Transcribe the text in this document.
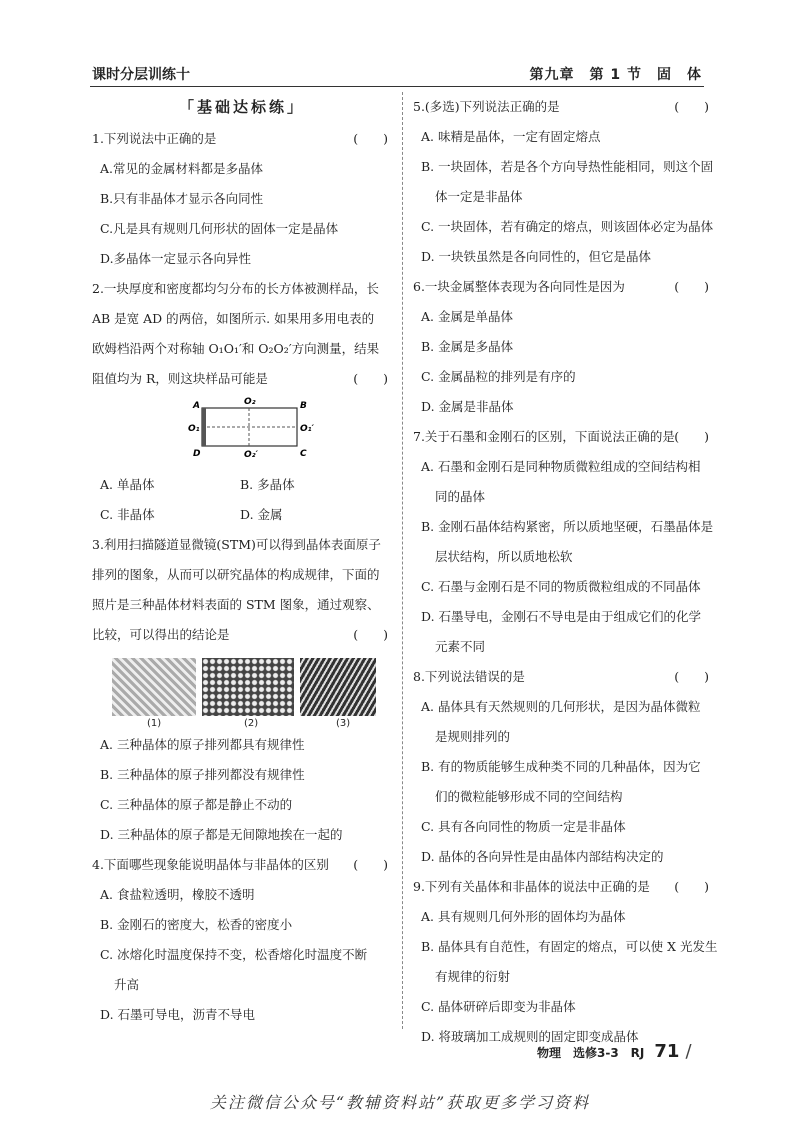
课时分层训练十	第九章　第 1 节　固　体
「基础达标练」
1.下列说法中正确的是	(　　)
A.常见的金属材料都是多晶体
B.只有非晶体才显示各向同性
C.凡是具有规则几何形状的固体一定是晶体
D.多晶体一定显示各向异性
2.一块厚度和密度都均匀分布的长方体被测样品，长
AB 是宽 AD 的两倍，如图所示. 如果用多用电表的
欧姆档沿两个对称轴 O₁O₁′和 O₂O₂′方向测量，结果
阻值均为 R，则这块样品可能是	(　　)
A	B
C
D
O₁	O₁′
O₂
O₂′
A. 单晶体	B. 多晶体
C. 非晶体	D. 金属
3.利用扫描隧道显微镜(STM)可以得到晶体表面原子
排列的图象，从而可以研究晶体的构成规律，下面的
照片是三种晶体材料表面的 STM 图象，通过观察、
比较，可以得出的结论是	(　　)
(1)	(2)	(3)
A. 三种晶体的原子排列都具有规律性
B. 三种晶体的原子排列都没有规律性
C. 三种晶体的原子都是静止不动的
D. 三种晶体的原子都是无间隙地挨在一起的
4.下面哪些现象能说明晶体与非晶体的区别 (　　)
A. 食盐粒透明，橡胶不透明
B. 金刚石的密度大，松香的密度小
C. 冰熔化时温度保持不变，松香熔化时温度不断
升高
D. 石墨可导电，沥青不导电
5.(多选)下列说法正确的是	(　　)
A. 味精是晶体，一定有固定熔点
B. 一块固体，若是各个方向导热性能相同，则这个固
体一定是非晶体
C. 一块固体，若有确定的熔点，则该固体必定为晶体
D. 一块铁虽然是各向同性的，但它是晶体
6.一块金属整体表现为各向同性是因为	(　　)
A. 金属是单晶体
B. 金属是多晶体
C. 金属晶粒的排列是有序的
D. 金属是非晶体
7.关于石墨和金刚石的区别，下面说法正确的是 (　　)
A. 石墨和金刚石是同种物质微粒组成的空间结构相
同的晶体
B. 金刚石晶体结构紧密，所以质地坚硬，石墨晶体是
层状结构，所以质地松软
C. 石墨与金刚石是不同的物质微粒组成的不同晶体
D. 石墨导电，金刚石不导电是由于组成它们的化学
元素不同
8.下列说法错误的是	(　　)
A. 晶体具有天然规则的几何形状，是因为晶体微粒
是规则排列的
B. 有的物质能够生成种类不同的几种晶体，因为它
们的微粒能够形成不同的空间结构
C. 具有各向同性的物质一定是非晶体
D. 晶体的各向异性是由晶体内部结构决定的
9.下列有关晶体和非晶体的说法中正确的是 (　　)
A. 具有规则几何外形的固体均为晶体
B. 晶体具有自范性，有固定的熔点，可以使 X 光发生
有规律的衍射
C. 晶体研碎后即变为非晶体
D. 将玻璃加工成规则的固定即变成晶体
物理　选修3-3　RJ 71 /
关注微信公众号“教辅资料站”获取更多学习资料
